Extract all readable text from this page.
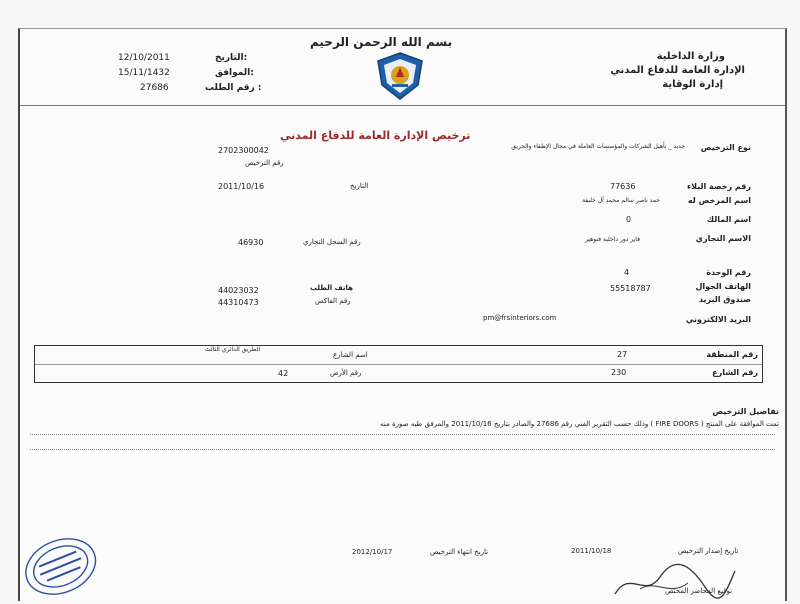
بسم الله الرحمن الرحيم
وزارة الداخلية
الإدارة العامة للدفاع المدني
إدارة الوقاية
التاريخ:
12/10/2011
الموافق:
15/11/1432
رقم الطلب :
27686
ترخيص الإدارة العامة للدفاع المدني
نوع الترخيص
جديد _ تأهيل الشركات والمؤسسات العاملة في مجال الإطفاء والحريق
2702300042
رقم الترخيص
رقم رخصة البلاء
77636
التاريخ
2011/10/16
اسم المرخص له
حمد ناصر سالم محمد آل خليفة
اسم المالك
0
الاسم التجاري
فاير دور داخلية فنوهير
رقم السجل التجاري
46930
رقم الوحدة
4
الهاتف الجوال
55518787
هاتف الطلب
44023032
صندوق البريد
رقم الفاكس
44310473
البريد الالكتروني
pm@frsinteriors.com
رقم المنطقة
27
اسم الشارع
الطريق الدائري الثالث
رقم الشارع
230
رقم الأرض
42
تفاصيل الترخيص
تمت الموافقة على المنتج ( FIRE DOORS ) وذلك حسب التقرير الفني رقم 27686 والصادر بتاريخ 2011/10/16 والمرفق طيه صورة منه
تاريخ إصدار الترخيص
2011/10/18
تاريخ انتهاء الترخيص
2012/10/17
توقيع المحاضر المختص
